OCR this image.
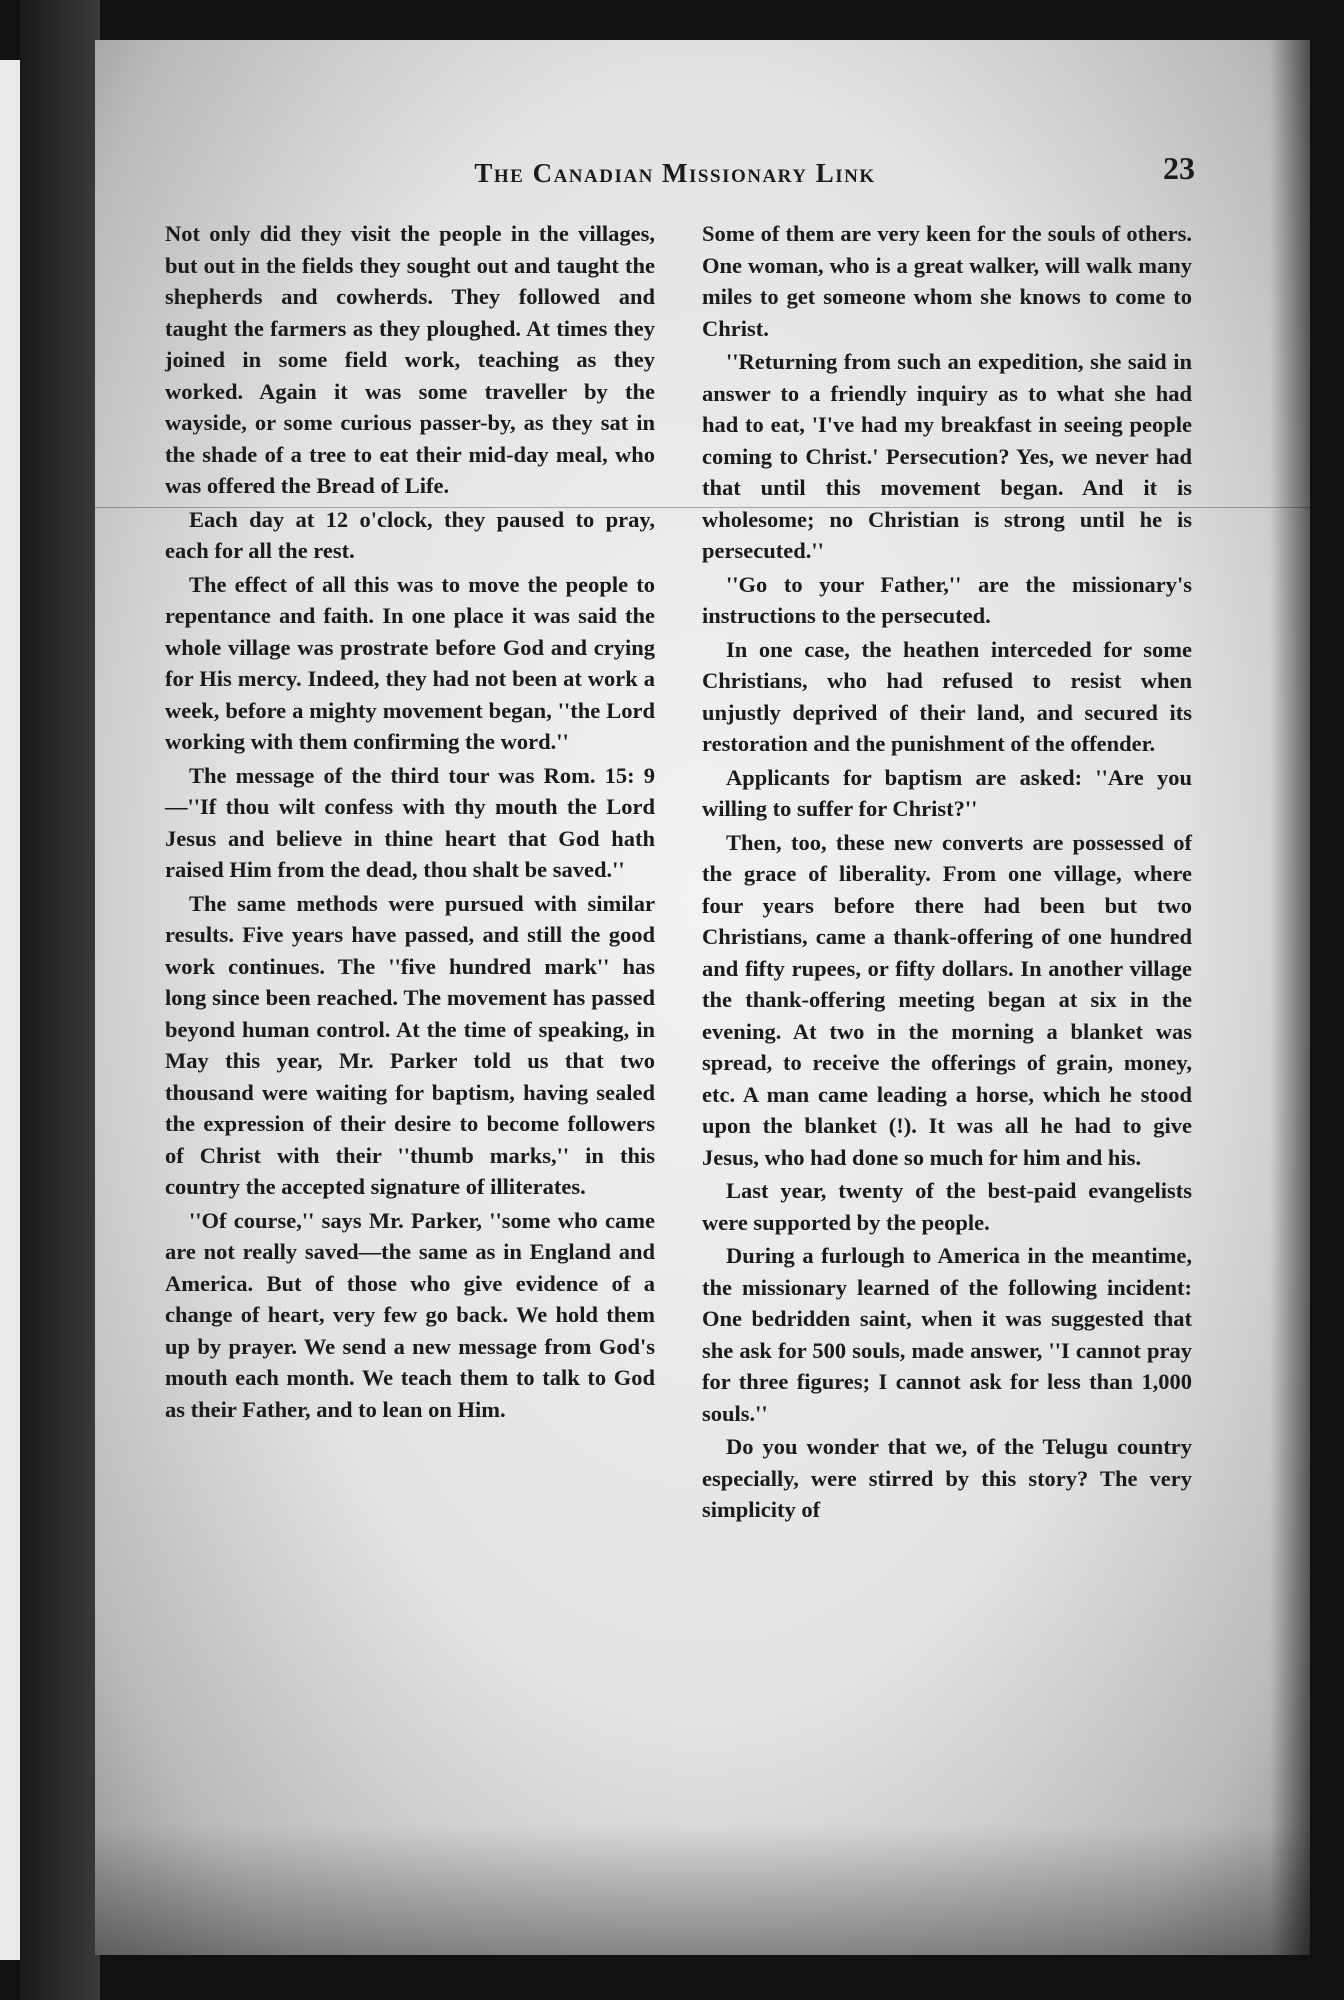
The Canadian Missionary Link	23

Not only did they visit the people in the villages, but out in the fields they sought out and taught the shepherds and cowherds. They followed and taught the farmers as they ploughed. At times they joined in some field work, teaching as they worked. Again it was some traveller by the wayside, or some curious passer-by, as they sat in the shade of a tree to eat their mid-day meal, who was offered the Bread of Life.

Each day at 12 o'clock, they paused to pray, each for all the rest.

The effect of all this was to move the people to repentance and faith. In one place it was said the whole village was prostrate before God and crying for His mercy. Indeed, they had not been at work a week, before a mighty movement began, ''the Lord working with them confirming the word.''

The message of the third tour was Rom. 15: 9—''If thou wilt confess with thy mouth the Lord Jesus and believe in thine heart that God hath raised Him from the dead, thou shalt be saved.''

The same methods were pursued with similar results. Five years have passed, and still the good work continues. The ''five hundred mark'' has long since been reached. The movement has passed beyond human control. At the time of speaking, in May this year, Mr. Parker told us that two thousand were waiting for baptism, having sealed the expression of their desire to become followers of Christ with their ''thumb marks,'' in this country the accepted signature of illiterates.

''Of course,'' says Mr. Parker, ''some who came are not really saved—the same as in England and America. But of those who give evidence of a change of heart, very few go back. We hold them up by prayer. We send a new message from God's mouth each month. We teach them to talk to God as their Father, and to lean on Him.

Some of them are very keen for the souls of others. One woman, who is a great walker, will walk many miles to get someone whom she knows to come to Christ.

''Returning from such an expedition, she said in answer to a friendly inquiry as to what she had had to eat, 'I've had my breakfast in seeing people coming to Christ.' Persecution? Yes, we never had that until this movement began. And it is wholesome; no Christian is strong until he is persecuted.''

''Go to your Father,'' are the missionary's instructions to the persecuted.

In one case, the heathen interceded for some Christians, who had refused to resist when unjustly deprived of their land, and secured its restoration and the punishment of the offender.

Applicants for baptism are asked: ''Are you willing to suffer for Christ?''

Then, too, these new converts are possessed of the grace of liberality. From one village, where four years before there had been but two Christians, came a thank-offering of one hundred and fifty rupees, or fifty dollars. In another village the thank-offering meeting began at six in the evening. At two in the morning a blanket was spread, to receive the offerings of grain, money, etc. A man came leading a horse, which he stood upon the blanket (!). It was all he had to give Jesus, who had done so much for him and his.

Last year, twenty of the best-paid evangelists were supported by the people.

During a furlough to America in the meantime, the missionary learned of the following incident: One bedridden saint, when it was suggested that she ask for 500 souls, made answer, ''I cannot pray for three figures; I cannot ask for less than 1,000 souls.''

Do you wonder that we, of the Telugu country especially, were stirred by this story? The very simplicity of
